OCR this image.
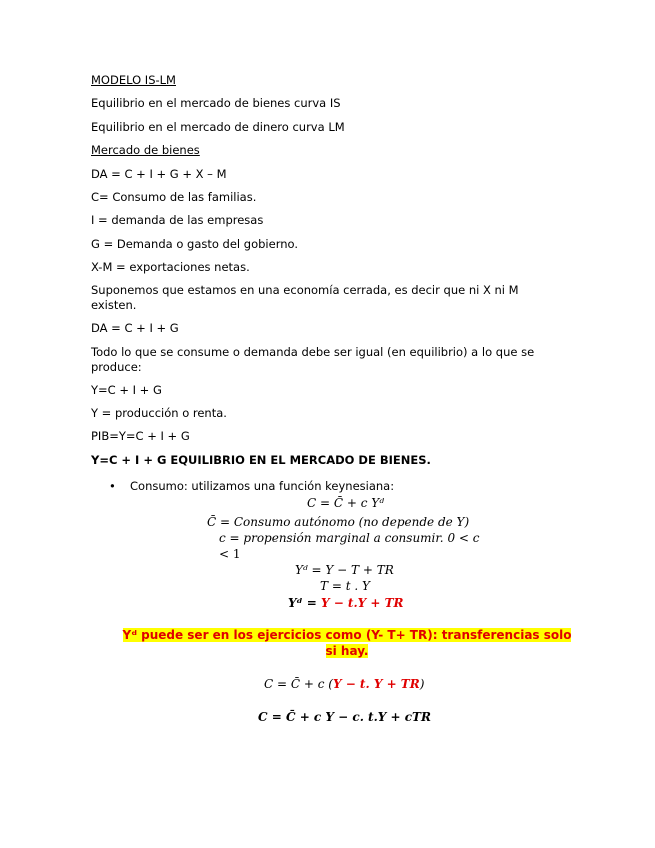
MODELO IS-LM
Equilibrio en el mercado de bienes curva IS
Equilibrio en el mercado de dinero curva LM
Mercado de bienes
DA = C + I + G + X – M
C= Consumo de las familias.
I = demanda de las empresas
G = Demanda o gasto del gobierno.
X-M = exportaciones netas.
Suponemos que estamos en una economía cerrada, es decir que ni X ni M existen.
DA = C + I + G
Todo lo que se consume o demanda debe ser igual (en equilibrio) a lo que se produce:
Y=C + I + G
Y = producción o renta.
PIB=Y=C + I + G
Y=C + I + G EQUILIBRIO EN EL MERCADO DE BIENES.
• Consumo: utilizamos una función keynesiana:
C = C̄ + c Yᵈ
C̄ = Consumo autónomo (no depende de Y)
c = propensión marginal a consumir. 0 < c
< 1
Yᵈ = Y − T + TR
T = t . Y
Yᵈ = Y − t.Y + TR
Yᵈ puede ser en los ejercicios como (Y- T+ TR): transferencias solo
si hay.
C = C̄ + c (Y − t. Y + TR)
C = C̄ + c Y − c. t.Y + cTR
